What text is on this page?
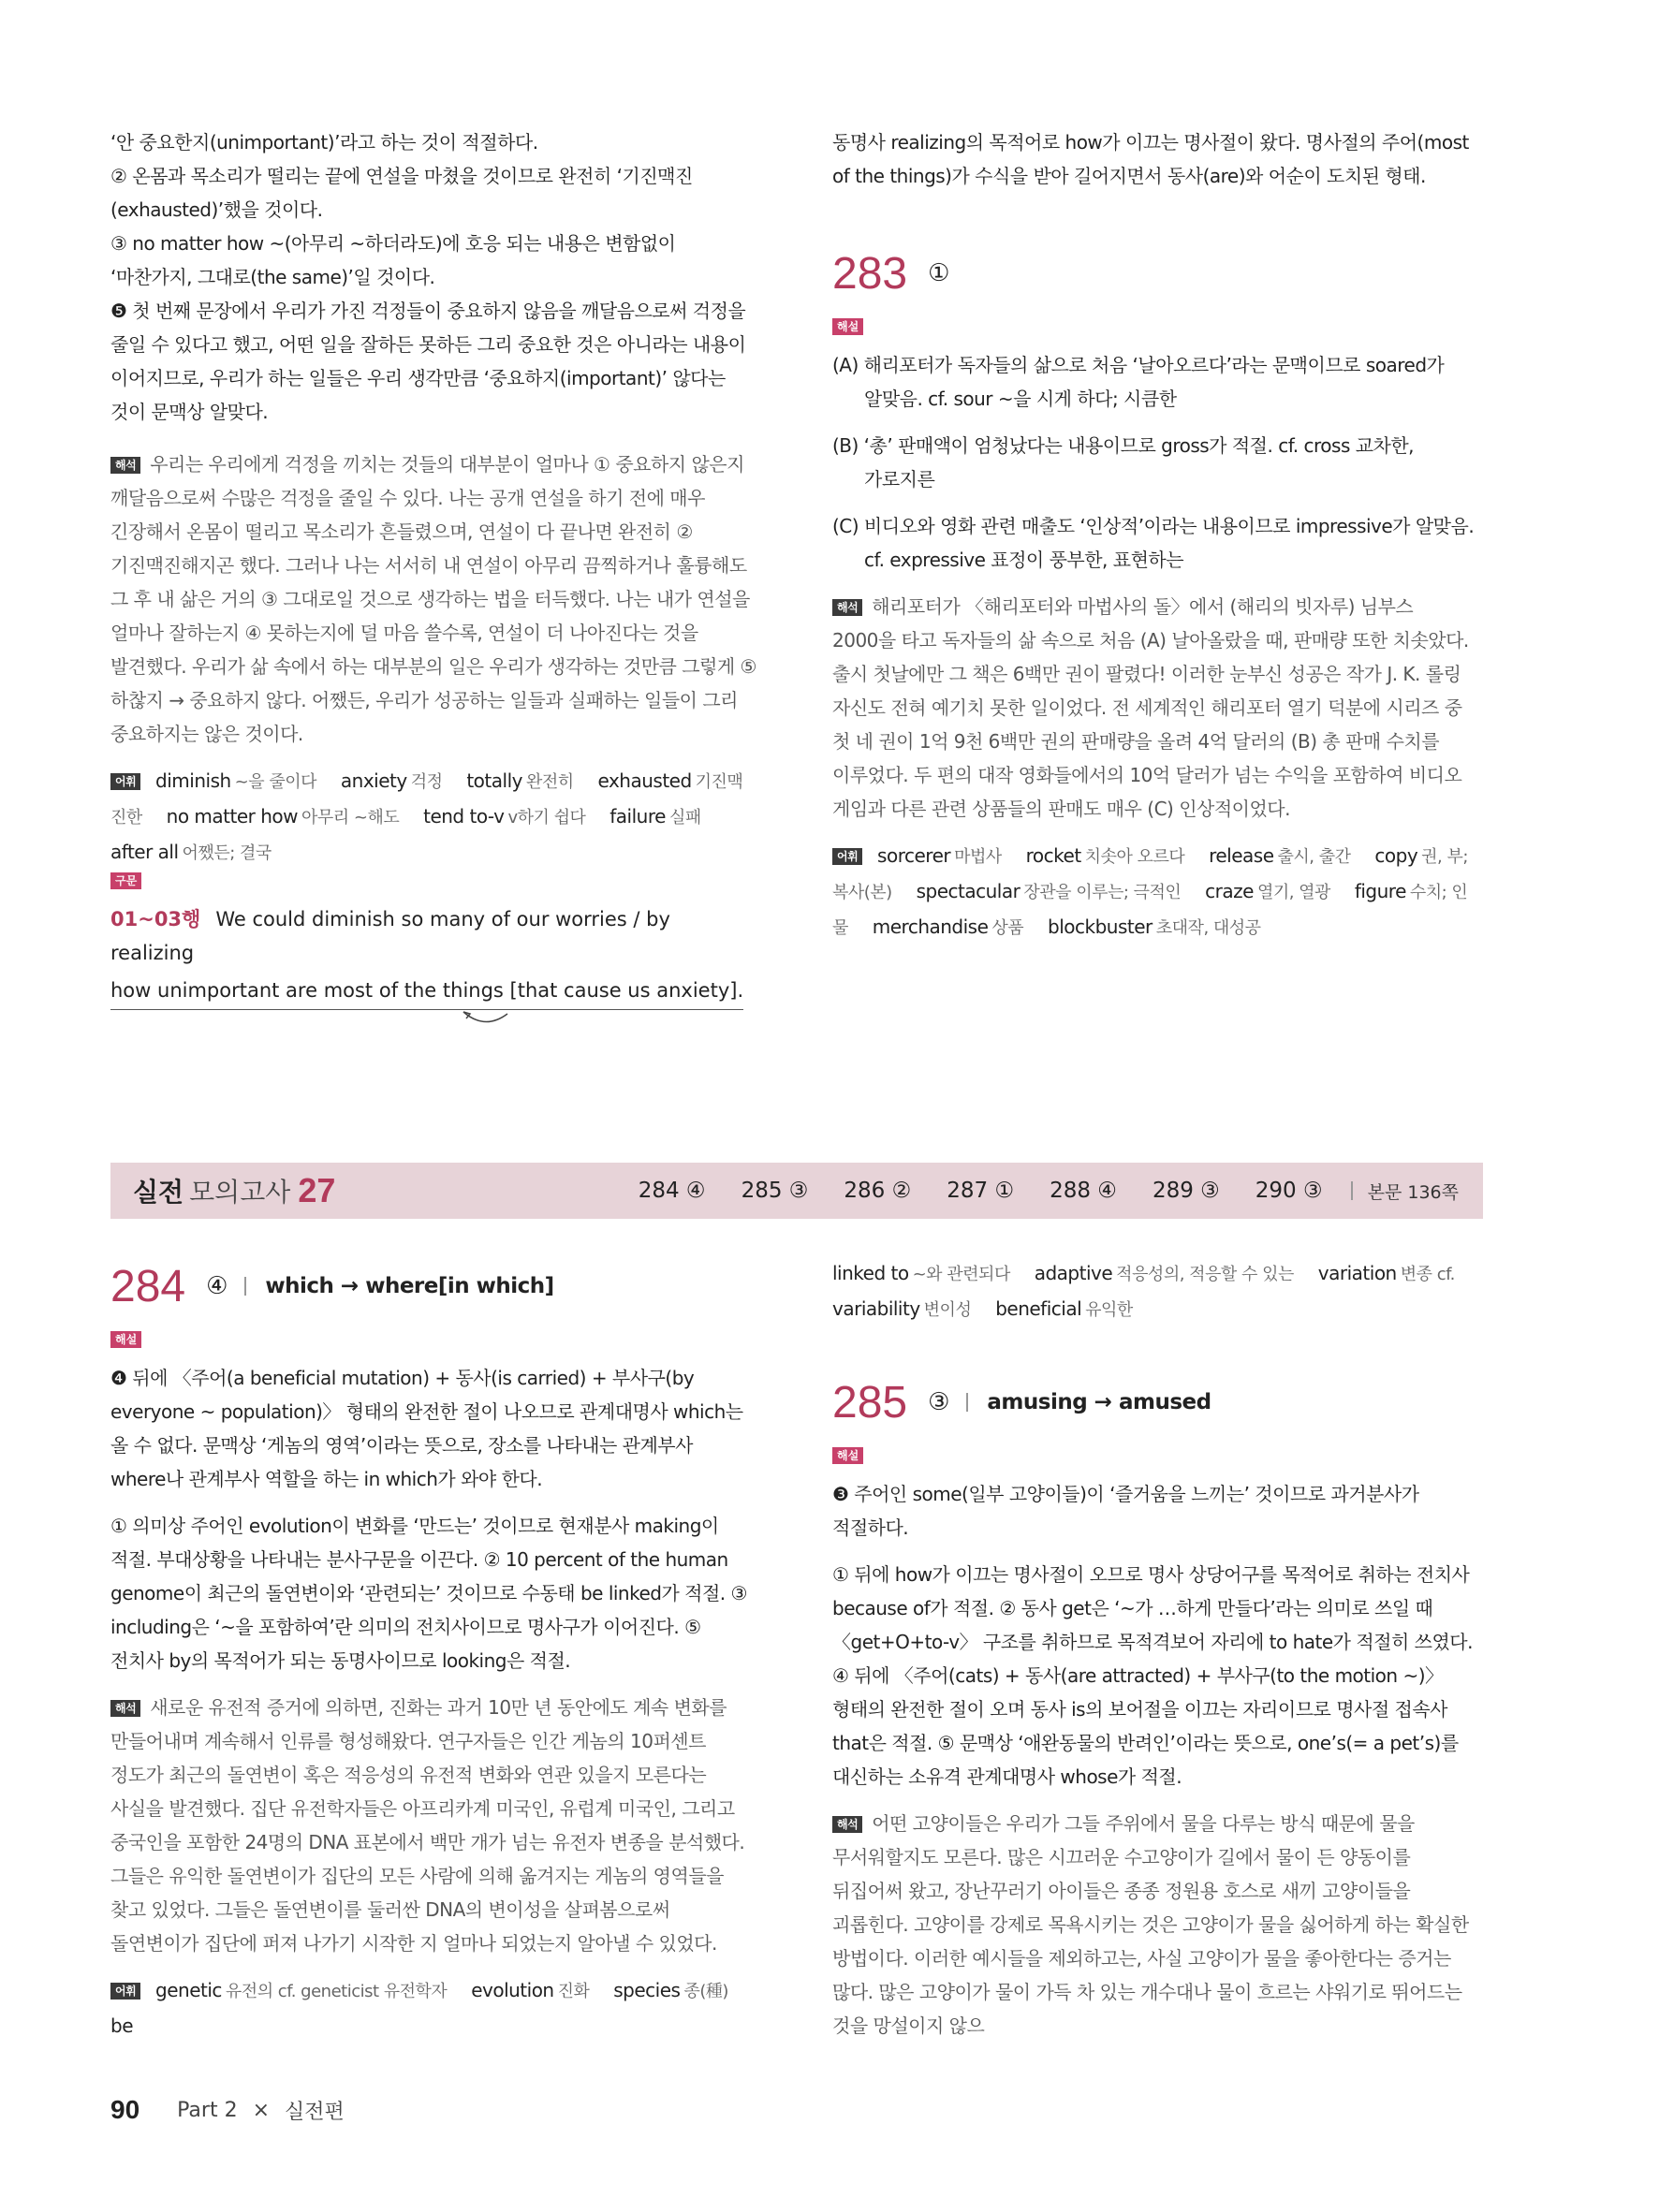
‘안 중요한지(unimportant)’라고 하는 것이 적절하다.

② 온몸과 목소리가 떨리는 끝에 연설을 마쳤을 것이므로 완전히 ‘기진맥진(exhausted)’했을 것이다.

③ no matter how ~(아무리 ~하더라도)에 호응 되는 내용은 변함없이 ‘마찬가지, 그대로(the same)’일 것이다.

❺ 첫 번째 문장에서 우리가 가진 걱정들이 중요하지 않음을 깨달음으로써 걱정을 줄일 수 있다고 했고, 어떤 일을 잘하든 못하든 그리 중요한 것은 아니라는 내용이 이어지므로, 우리가 하는 일들은 우리 생각만큼 ‘중요하지(important)’ 않다는 것이 문맥상 알맞다.

해석 우리는 우리에게 걱정을 끼치는 것들의 대부분이 얼마나 ① 중요하지 않은지 깨달음으로써 수많은 걱정을 줄일 수 있다. 나는 공개 연설을 하기 전에 매우 긴장해서 온몸이 떨리고 목소리가 흔들렸으며, 연설이 다 끝나면 완전히 ② 기진맥진해지곤 했다. 그러나 나는 서서히 내 연설이 아무리 끔찍하거나 훌륭해도 그 후 내 삶은 거의 ③ 그대로일 것으로 생각하는 법을 터득했다. 나는 내가 연설을 얼마나 잘하는지 ④ 못하는지에 덜 마음 쓸수록, 연설이 더 나아진다는 것을 발견했다. 우리가 삶 속에서 하는 대부분의 일은 우리가 생각하는 것만큼 그렇게 ⑤ 하찮지 → 중요하지 않다. 어쨌든, 우리가 성공하는 일들과 실패하는 일들이 그리 중요하지는 않은 것이다.

어휘 diminish ~을 줄이다 anxiety 걱정 totally 완전히 exhausted 기진맥진한 no matter how 아무리 ~해도 tend to-v v하기 쉽다 failure 실패 after all 어쨌든; 결국
구문

01~03행 We could diminish so many of our worries / by realizing

how unimportant are most of the things [that cause us anxiety].

동명사 realizing의 목적어로 how가 이끄는 명사절이 왔다. 명사절의 주어(most of the things)가 수식을 받아 길어지면서 동사(are)와 어순이 도치된 형태.

283 ①
해설

(A) 해리포터가 독자들의 삶으로 처음 ‘날아오르다’라는 문맥이므로 soared가 알맞음. cf. sour ~을 시게 하다; 시큼한

(B) ‘총’ 판매액이 엄청났다는 내용이므로 gross가 적절. cf. cross 교차한, 가로지른

(C) 비디오와 영화 관련 매출도 ‘인상적’이라는 내용이므로 impressive가 알맞음. cf. expressive 표정이 풍부한, 표현하는

해석 해리포터가 〈해리포터와 마법사의 돌〉에서 (해리의 빗자루) 님부스 2000을 타고 독자들의 삶 속으로 처음 (A) 날아올랐을 때, 판매량 또한 치솟았다. 출시 첫날에만 그 책은 6백만 권이 팔렸다! 이러한 눈부신 성공은 작가 J. K. 롤링 자신도 전혀 예기치 못한 일이었다. 전 세계적인 해리포터 열기 덕분에 시리즈 중 첫 네 권이 1억 9천 6백만 권의 판매량을 올려 4억 달러의 (B) 총 판매 수치를 이루었다. 두 편의 대작 영화들에서의 10억 달러가 넘는 수익을 포함하여 비디오 게임과 다른 관련 상품들의 판매도 매우 (C) 인상적이었다.

어휘 sorcerer 마법사 rocket 치솟아 오르다 release 출시, 출간 copy 권, 부; 복사(본) spectacular 장관을 이루는; 극적인 craze 열기, 열광 figure 수치; 인물 merchandise 상품 blockbuster 초대작, 대성공
실전 모의고사 27	284 ④ 285 ③ 286 ② 287 ① 288 ④ 289 ③ 290 ③	본문 136쪽
284 ④ which → where[in which]
해설

❹ 뒤에 〈주어(a beneficial mutation) + 동사(is carried) + 부사구(by everyone ~ population)〉 형태의 완전한 절이 나오므로 관계대명사 which는 올 수 없다. 문맥상 ‘게놈의 영역’이라는 뜻으로, 장소를 나타내는 관계부사 where나 관계부사 역할을 하는 in which가 와야 한다.

① 의미상 주어인 evolution이 변화를 ‘만드는’ 것이므로 현재분사 making이 적절. 부대상황을 나타내는 분사구문을 이끈다. ② 10 percent of the human genome이 최근의 돌연변이와 ‘관련되는’ 것이므로 수동태 be linked가 적절. ③ including은 ‘~을 포함하여’란 의미의 전치사이므로 명사구가 이어진다. ⑤ 전치사 by의 목적어가 되는 동명사이므로 looking은 적절.

해석 새로운 유전적 증거에 의하면, 진화는 과거 10만 년 동안에도 계속 변화를 만들어내며 계속해서 인류를 형성해왔다. 연구자들은 인간 게놈의 10퍼센트 정도가 최근의 돌연변이 혹은 적응성의 유전적 변화와 연관 있을지 모른다는 사실을 발견했다. 집단 유전학자들은 아프리카계 미국인, 유럽계 미국인, 그리고 중국인을 포함한 24명의 DNA 표본에서 백만 개가 넘는 유전자 변종을 분석했다. 그들은 유익한 돌연변이가 집단의 모든 사람에 의해 옮겨지는 게놈의 영역들을 찾고 있었다. 그들은 돌연변이를 둘러싼 DNA의 변이성을 살펴봄으로써 돌연변이가 집단에 퍼져 나가기 시작한 지 얼마나 되었는지 알아낼 수 있었다.

어휘 genetic 유전의 cf. geneticist 유전학자 evolution 진화 species 종(種) be
linked to ~와 관련되다 adaptive 적응성의, 적응할 수 있는 variation 변종 cf. variability 변이성 beneficial 유익한
285 ③ amusing → amused
해설

❸ 주어인 some(일부 고양이들)이 ‘즐거움을 느끼는’ 것이므로 과거분사가 적절하다.

① 뒤에 how가 이끄는 명사절이 오므로 명사 상당어구를 목적어로 취하는 전치사 because of가 적절. ② 동사 get은 ‘~가 …하게 만들다’라는 의미로 쓰일 때 〈get+O+to-v〉 구조를 취하므로 목적격보어 자리에 to hate가 적절히 쓰였다. ④ 뒤에 〈주어(cats) + 동사(are attracted) + 부사구(to the motion ~)〉 형태의 완전한 절이 오며 동사 is의 보어절을 이끄는 자리이므로 명사절 접속사 that은 적절. ⑤ 문맥상 ‘애완동물의 반려인’이라는 뜻으로, one’s(= a pet’s)를 대신하는 소유격 관계대명사 whose가 적절.

해석 어떤 고양이들은 우리가 그들 주위에서 물을 다루는 방식 때문에 물을 무서워할지도 모른다. 많은 시끄러운 수고양이가 길에서 물이 든 양동이를 뒤집어써 왔고, 장난꾸러기 아이들은 종종 정원용 호스로 새끼 고양이들을 괴롭힌다. 고양이를 강제로 목욕시키는 것은 고양이가 물을 싫어하게 하는 확실한 방법이다. 이러한 예시들을 제외하고는, 사실 고양이가 물을 좋아한다는 증거는 많다. 많은 고양이가 물이 가득 차 있는 개수대나 물이 흐르는 샤워기로 뛰어드는 것을 망설이지 않으

90 Part 2 × 실전편
